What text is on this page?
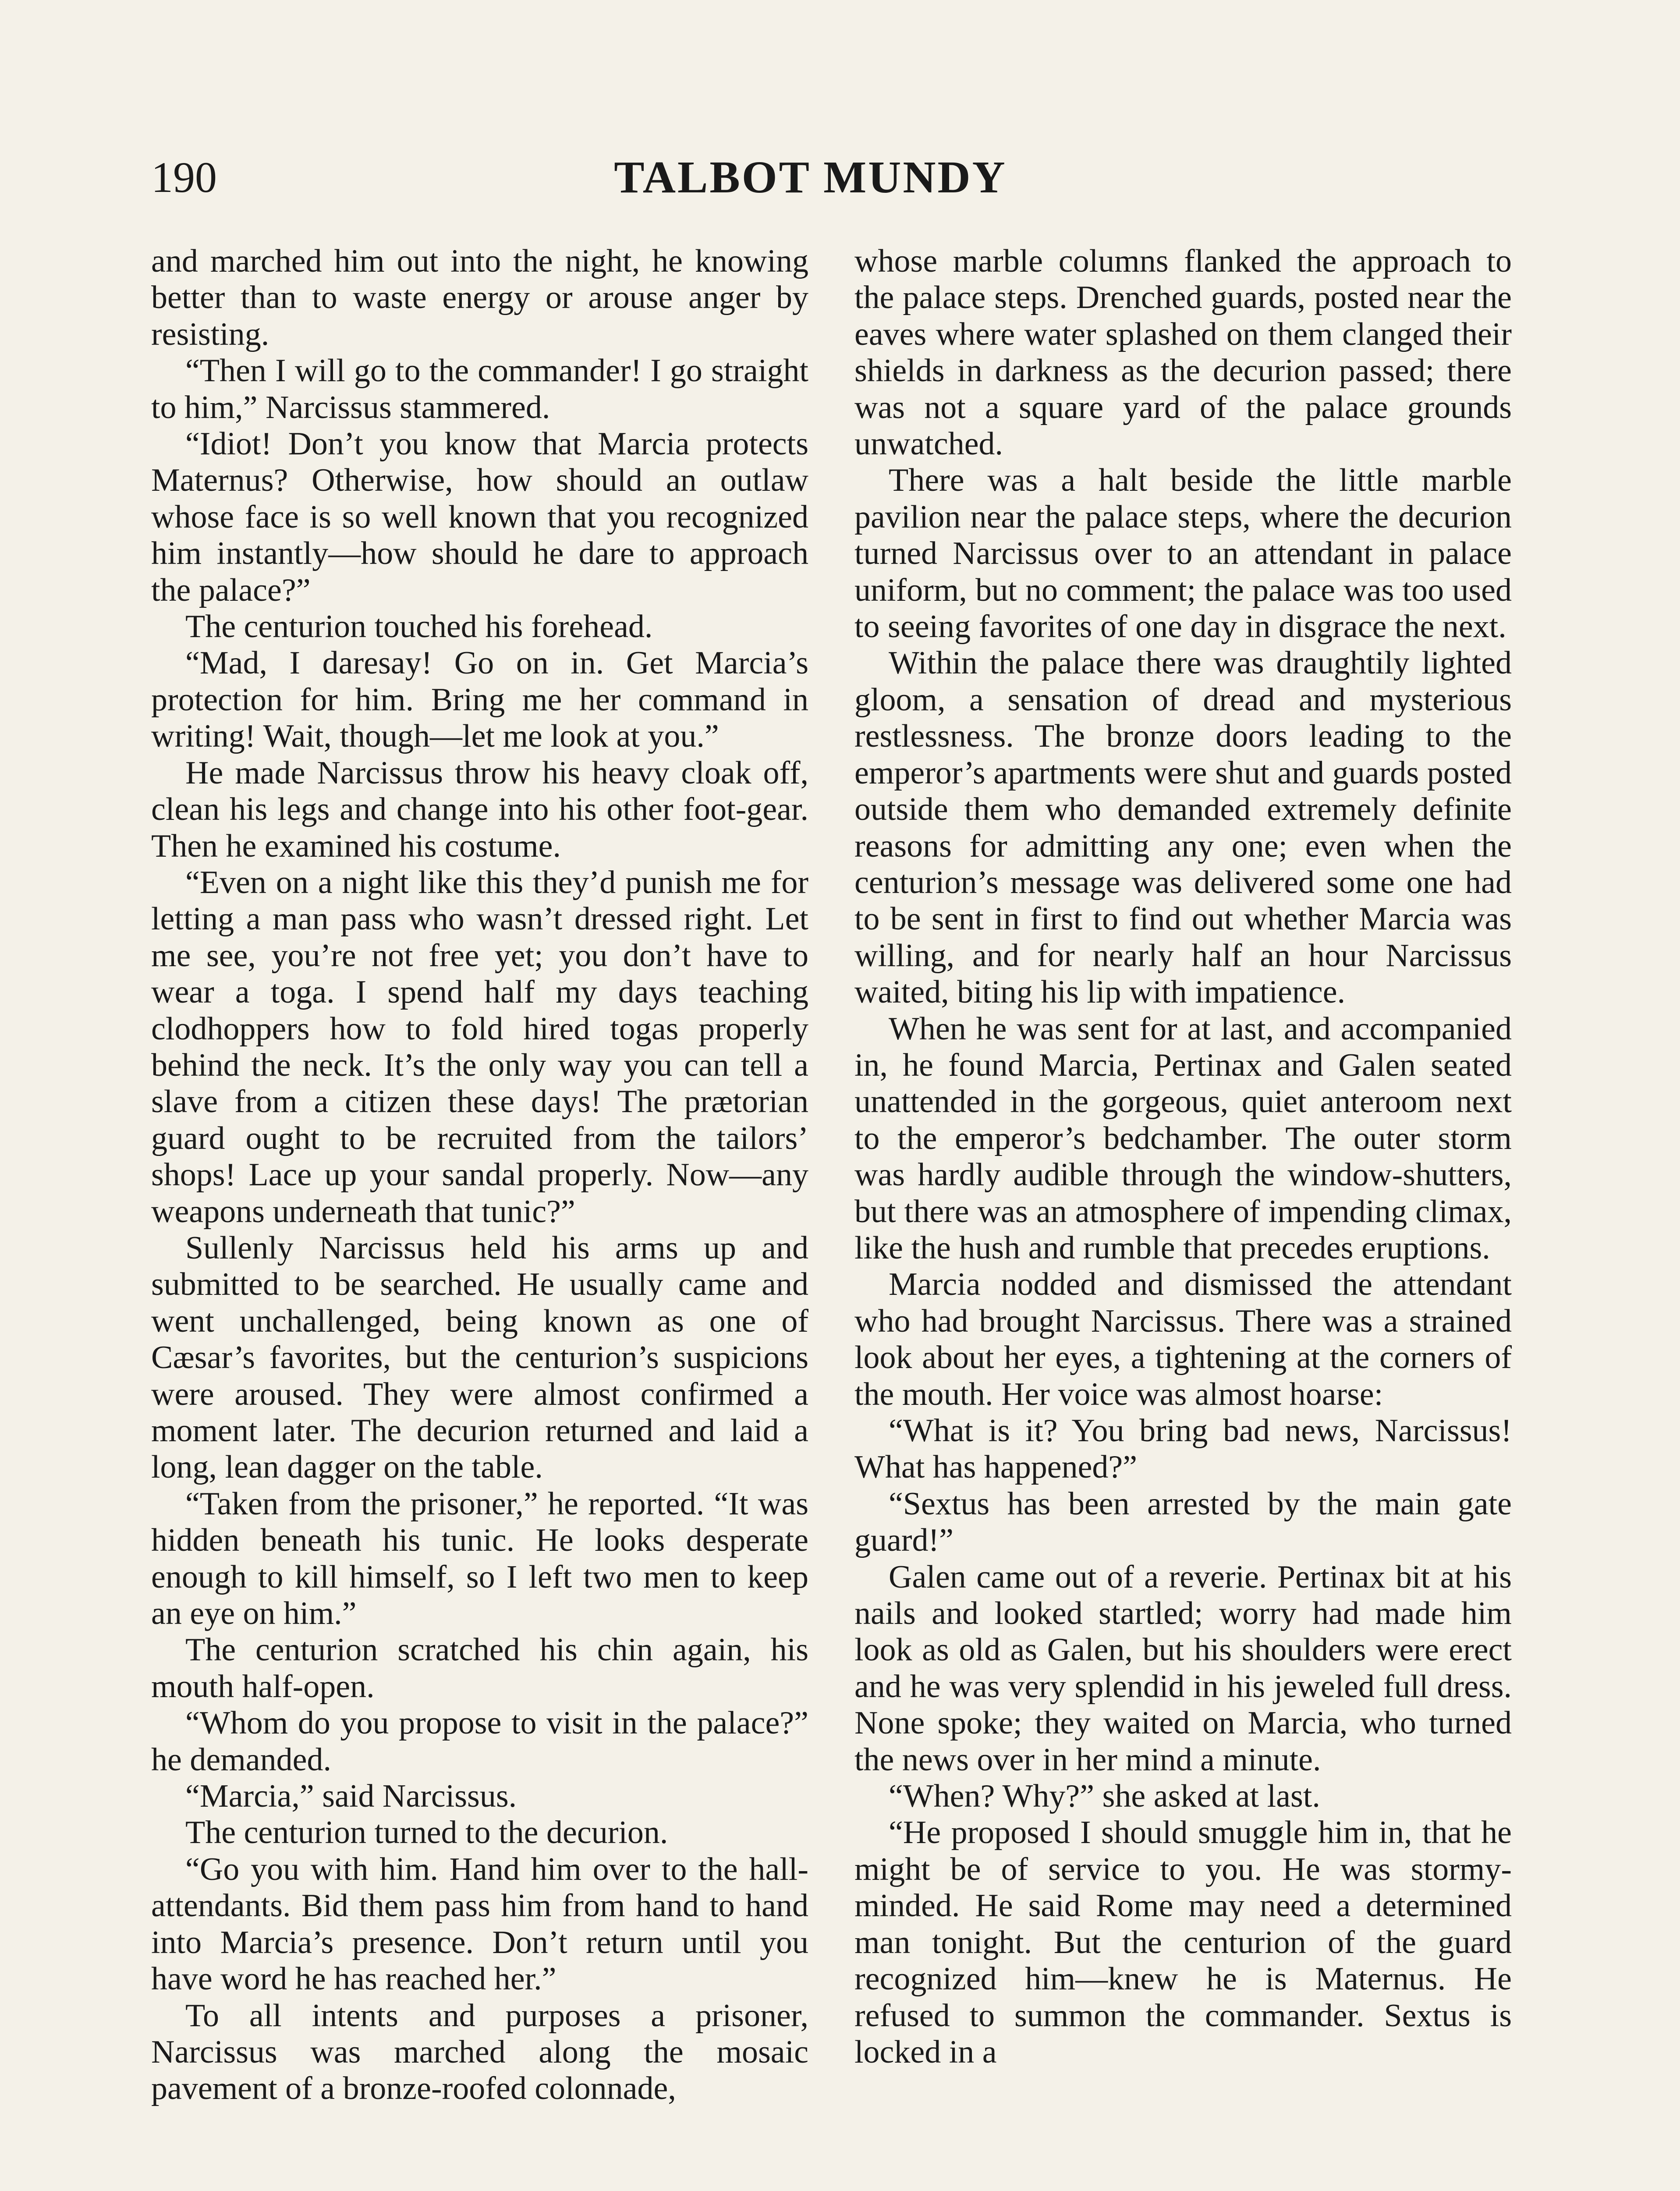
190	TALBOT MUNDY

and marched him out into the night, he knowing better than to waste energy or arouse anger by resisting.

“Then I will go to the commander! I go straight to him,” Narcissus stammered.

“Idiot! Don’t you know that Marcia protects Maternus? Otherwise, how should an outlaw whose face is so well known that you recognized him instantly—how should he dare to approach the palace?”

The centurion touched his forehead.

“Mad, I daresay! Go on in. Get Marcia’s protection for him. Bring me her command in writing! Wait, though—let me look at you.”

He made Narcissus throw his heavy cloak off, clean his legs and change into his other foot-gear. Then he examined his costume.

“Even on a night like this they’d punish me for letting a man pass who wasn’t dressed right. Let me see, you’re not free yet; you don’t have to wear a toga. I spend half my days teaching clodhoppers how to fold hired togas properly behind the neck. It’s the only way you can tell a slave from a citizen these days! The prætorian guard ought to be recruited from the tailors’ shops! Lace up your sandal properly. Now—any weapons underneath that tunic?”

Sullenly Narcissus held his arms up and submitted to be searched. He usually came and went unchallenged, being known as one of Cæsar’s favorites, but the centurion’s suspicions were aroused. They were almost confirmed a moment later. The decurion returned and laid a long, lean dagger on the table.

“Taken from the prisoner,” he reported. “It was hidden beneath his tunic. He looks desperate enough to kill himself, so I left two men to keep an eye on him.”

The centurion scratched his chin again, his mouth half-open.

“Whom do you propose to visit in the palace?” he demanded.

“Marcia,” said Narcissus.

The centurion turned to the decurion.

“Go you with him. Hand him over to the hall-attendants. Bid them pass him from hand to hand into Marcia’s presence. Don’t return until you have word he has reached her.”

To all intents and purposes a prisoner, Narcissus was marched along the mosaic pavement of a bronze-roofed colonnade,

whose marble columns flanked the approach to the palace steps. Drenched guards, posted near the eaves where water splashed on them clanged their shields in darkness as the decurion passed; there was not a square yard of the palace grounds unwatched.

There was a halt beside the little marble pavilion near the palace steps, where the decurion turned Narcissus over to an attendant in palace uniform, but no comment; the palace was too used to seeing favorites of one day in disgrace the next.

Within the palace there was draughtily lighted gloom, a sensation of dread and mysterious restlessness. The bronze doors leading to the emperor’s apartments were shut and guards posted outside them who demanded extremely definite reasons for admitting any one; even when the centurion’s message was delivered some one had to be sent in first to find out whether Marcia was willing, and for nearly half an hour Narcissus waited, biting his lip with impatience.

When he was sent for at last, and accompanied in, he found Marcia, Pertinax and Galen seated unattended in the gorgeous, quiet anteroom next to the emperor’s bedchamber. The outer storm was hardly audible through the window-shutters, but there was an atmosphere of impending climax, like the hush and rumble that precedes eruptions.

Marcia nodded and dismissed the attendant who had brought Narcissus. There was a strained look about her eyes, a tightening at the corners of the mouth. Her voice was almost hoarse:

“What is it? You bring bad news, Narcissus! What has happened?”

“Sextus has been arrested by the main gate guard!”

Galen came out of a reverie. Pertinax bit at his nails and looked startled; worry had made him look as old as Galen, but his shoulders were erect and he was very splendid in his jeweled full dress. None spoke; they waited on Marcia, who turned the news over in her mind a minute.

“When? Why?” she asked at last.

“He proposed I should smuggle him in, that he might be of service to you. He was stormy-minded. He said Rome may need a determined man tonight. But the centurion of the guard recognized him—knew he is Maternus. He refused to summon the commander. Sextus is locked in a
